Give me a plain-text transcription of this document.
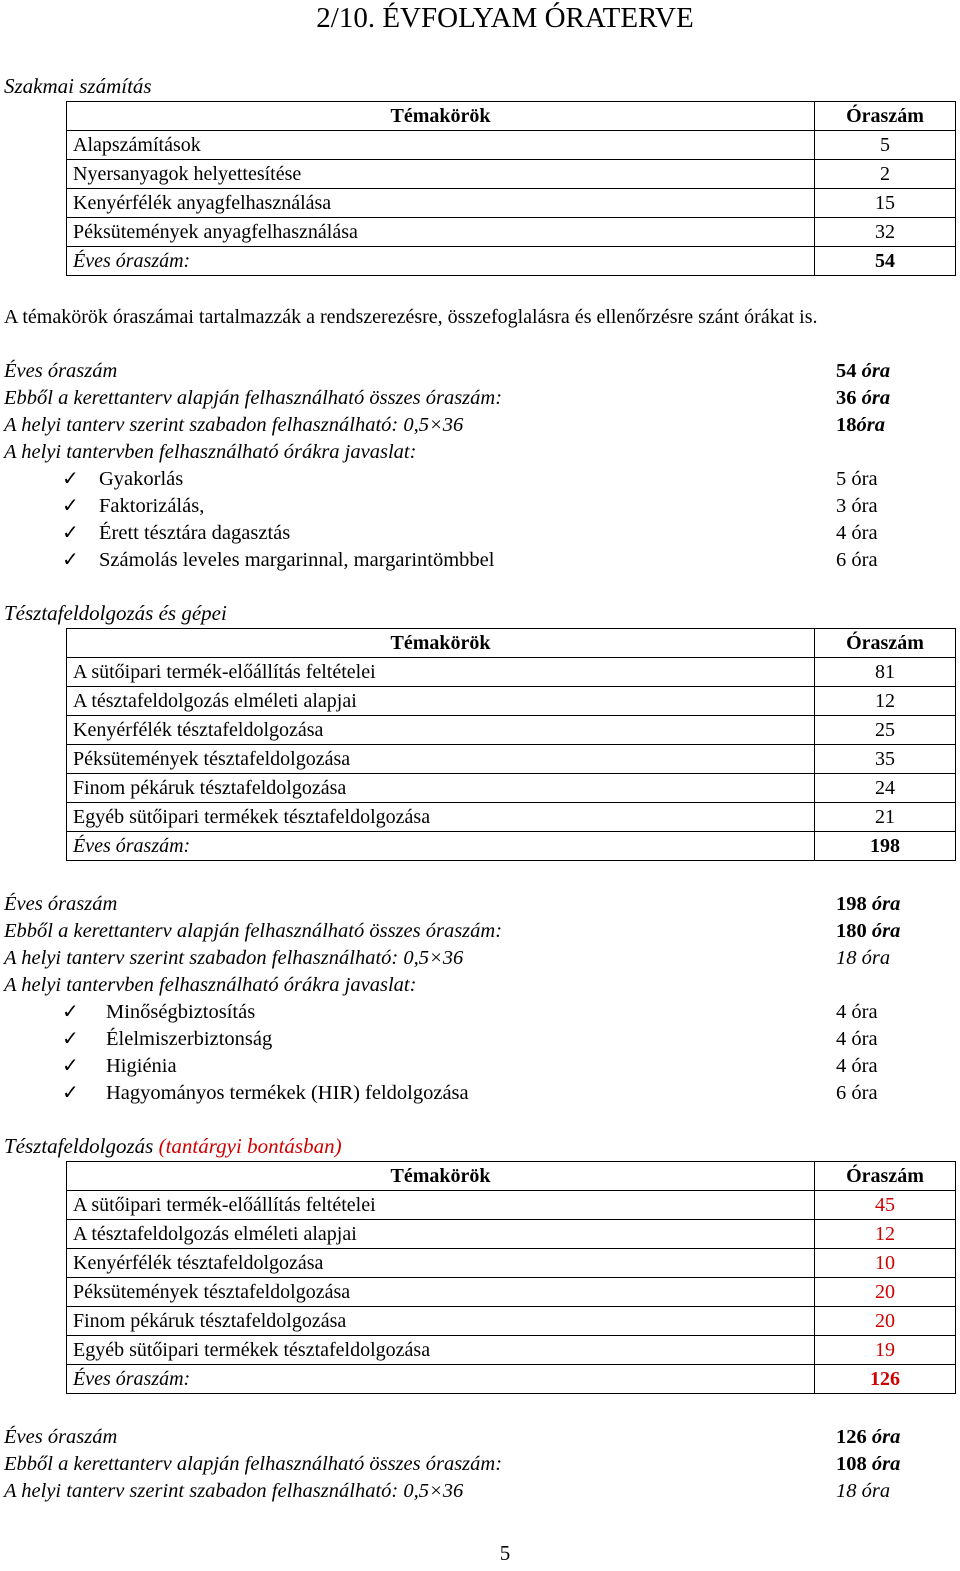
2/10. ÉVFOLYAM ÓRATERVE
Szakmai számítás
Témakörök	Óraszám
Alapszámítások	5
Nyersanyagok helyettesítése	2
Kenyérfélék anyagfelhasználása	15
Péksütemények anyagfelhasználása	32
Éves óraszám:	54
A témakörök óraszámai tartalmazzák a rendszerezésre, összefoglalásra és ellenőrzésre szánt órákat is.
Éves óraszám	54 óra
Ebből a kerettanterv alapján felhasználható összes óraszám:	36 óra
A helyi tanterv szerint szabadon felhasználható: 0,5×36	18óra
A helyi tantervben felhasználható órákra javaslat:
✓ Gyakorlás	5 óra
✓ Faktorizálás,	3 óra
✓ Érett tésztára dagasztás	4 óra
✓ Számolás leveles margarinnal, margarintömbbel	6 óra
Tésztafeldolgozás és gépei
Témakörök	Óraszám
A sütőipari termék-előállítás feltételei	81
A tésztafeldolgozás elméleti alapjai	12
Kenyérfélék tésztafeldolgozása	25
Péksütemények tésztafeldolgozása	35
Finom pékáruk tésztafeldolgozása	24
Egyéb sütőipari termékek tésztafeldolgozása	21
Éves óraszám:	198
Éves óraszám	198 óra
Ebből a kerettanterv alapján felhasználható összes óraszám:	180 óra
A helyi tanterv szerint szabadon felhasználható: 0,5×36	18 óra
A helyi tantervben felhasználható órákra javaslat:
✓ Minőségbiztosítás	4 óra
✓ Élelmiszerbiztonság	4 óra
✓ Higiénia	4 óra
✓ Hagyományos termékek (HIR) feldolgozása	6 óra
Tésztafeldolgozás (tantárgyi bontásban)
Témakörök	Óraszám
A sütőipari termék-előállítás feltételei	45
A tésztafeldolgozás elméleti alapjai	12
Kenyérfélék tésztafeldolgozása	10
Péksütemények tésztafeldolgozása	20
Finom pékáruk tésztafeldolgozása	20
Egyéb sütőipari termékek tésztafeldolgozása	19
Éves óraszám:	126
Éves óraszám	126 óra
Ebből a kerettanterv alapján felhasználható összes óraszám:	108 óra
A helyi tanterv szerint szabadon felhasználható: 0,5×36	18 óra
5
